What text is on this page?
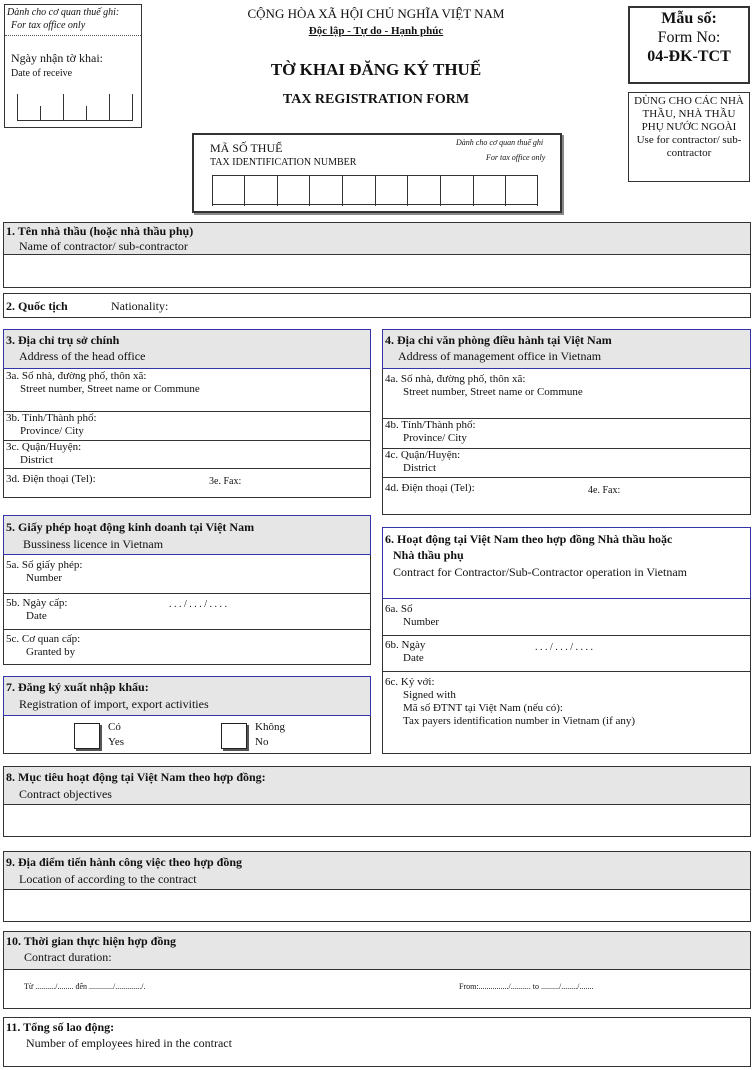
Dành cho cơ quan thuế ghi:
For tax office only
Ngày nhận tờ khai:
Date of receive
CỘNG HÒA XÃ HỘI CHỦ NGHĨA VIỆT NAM
Độc lập - Tự do - Hạnh phúc
TỜ KHAI ĐĂNG KÝ THUẾ
TAX REGISTRATION FORM
Mẫu số:
Form No:
04-ĐK-TCT
DÙNG CHO CÁC NHÀ THẦU, NHÀ THẦU PHỤ NƯỚC NGOÀI
Use for contractor/ sub-contractor
MÃ SỐ THUẾ
TAX IDENTIFICATION NUMBER
Dành cho cơ quan thuế ghi
For tax office only
1. Tên nhà thầu (hoặc nhà thầu phụ)
Name of contractor/ sub-contractor
2. Quốc tịch	Nationality:
3. Địa chỉ trụ sở chính
Address of the head office
3a. Số nhà, đường phố, thôn xã:
Street number, Street name or Commune
3b. Tỉnh/Thành phố:
Province/ City
3c. Quận/Huyện:
District
3d. Điện thoại (Tel):	3e. Fax:
4. Địa chỉ văn phòng điều hành tại Việt Nam
Address of management office in Vietnam
4a. Số nhà, đường phố, thôn xã:
Street number, Street name or Commune
4b. Tỉnh/Thành phố:
Province/ City
4c. Quận/Huyện:
District
4d. Điện thoại (Tel):	4e. Fax:
5. Giấy phép hoạt động kinh doanh tại Việt Nam
Bussiness licence in Vietnam
5a. Số giấy phép:
Number
5b. Ngày cấp:
Date
. . . / . . . / . . . .
5c. Cơ quan cấp:
Granted by
6. Hoạt động tại Việt Nam theo hợp đồng Nhà thầu hoặc
Nhà thầu phụ
Contract for Contractor/Sub-Contractor operation in Vietnam
6a. Số
Number
6b. Ngày
Date
. . . / . . . / . . . .
6c. Ký với:
Signed with
Mã số ĐTNT tại Việt Nam (nếu có):
Tax payers identification number in Vietnam (if any)
7. Đăng ký xuất nhập khẩu:
Registration of import, export activities
Có
Yes
Không
No
8. Mục tiêu hoạt động tại Việt Nam theo hợp đồng:
Contract objectives
9. Địa điểm tiến hành công việc theo hợp đồng
Location of according to the contract
10. Thời gian thực hiện hợp đồng
Contract duration:
Từ ........../........ đến ............/............./.	From:.............../.......... to ........./......../.......
11. Tổng số lao động:
Number of employees hired in the contract
